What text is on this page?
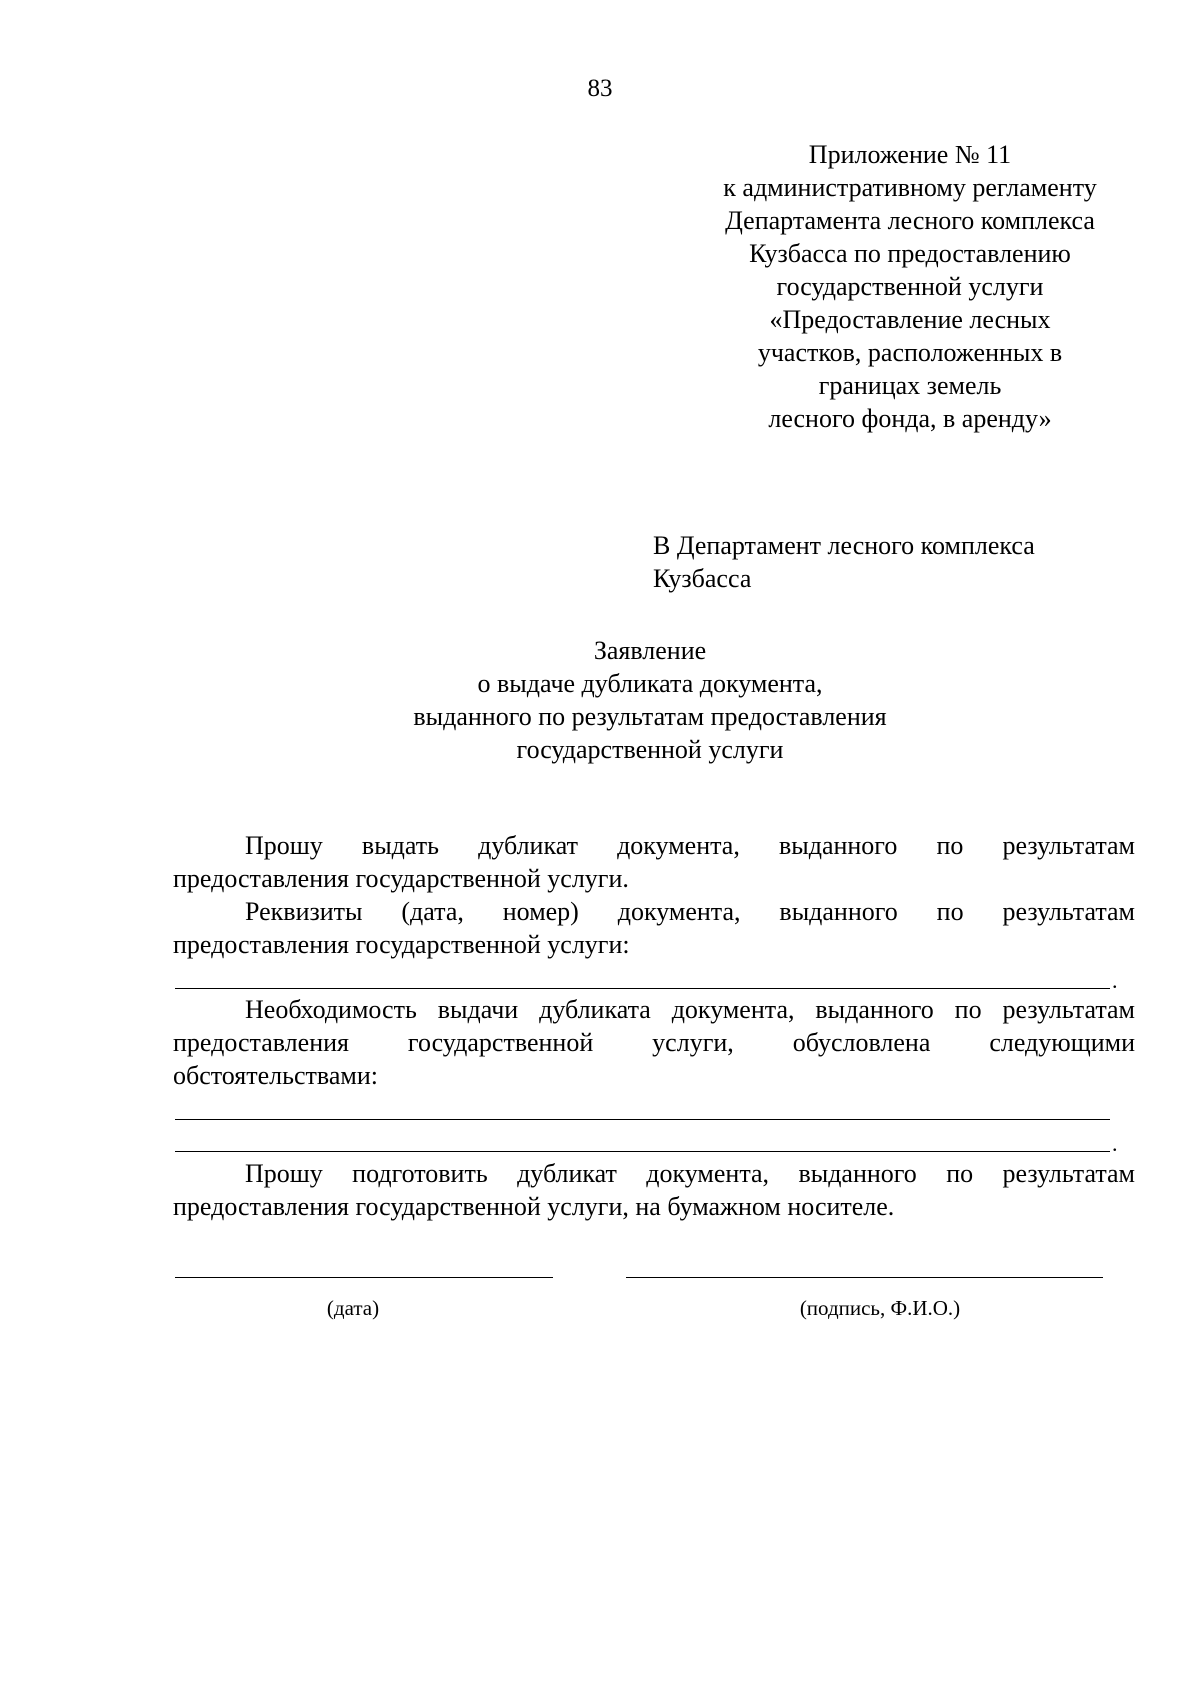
83
Приложение № 11
к административному регламенту
Департамента лесного комплекса
Кузбасса по предоставлению
государственной услуги
«Предоставление лесных
участков, расположенных в
границах земель
лесного фонда, в аренду»
В Департамент лесного комплекса
Кузбасса
Заявление
о выдаче дубликата документа,
выданного по результатам предоставления
государственной услуги
Прошу выдать дубликат документа, выданного по результатам
предоставления государственной услуги.
Реквизиты (дата, номер) документа, выданного по результатам
предоставления государственной услуги:
.
Необходимость выдачи дубликата документа, выданного по результатам
предоставления государственной услуги, обусловлена следующими
обстоятельствами:
.
Прошу подготовить дубликат документа, выданного по результатам
предоставления государственной услуги, на бумажном носителе.
(дата)	(подпись, Ф.И.О.)
